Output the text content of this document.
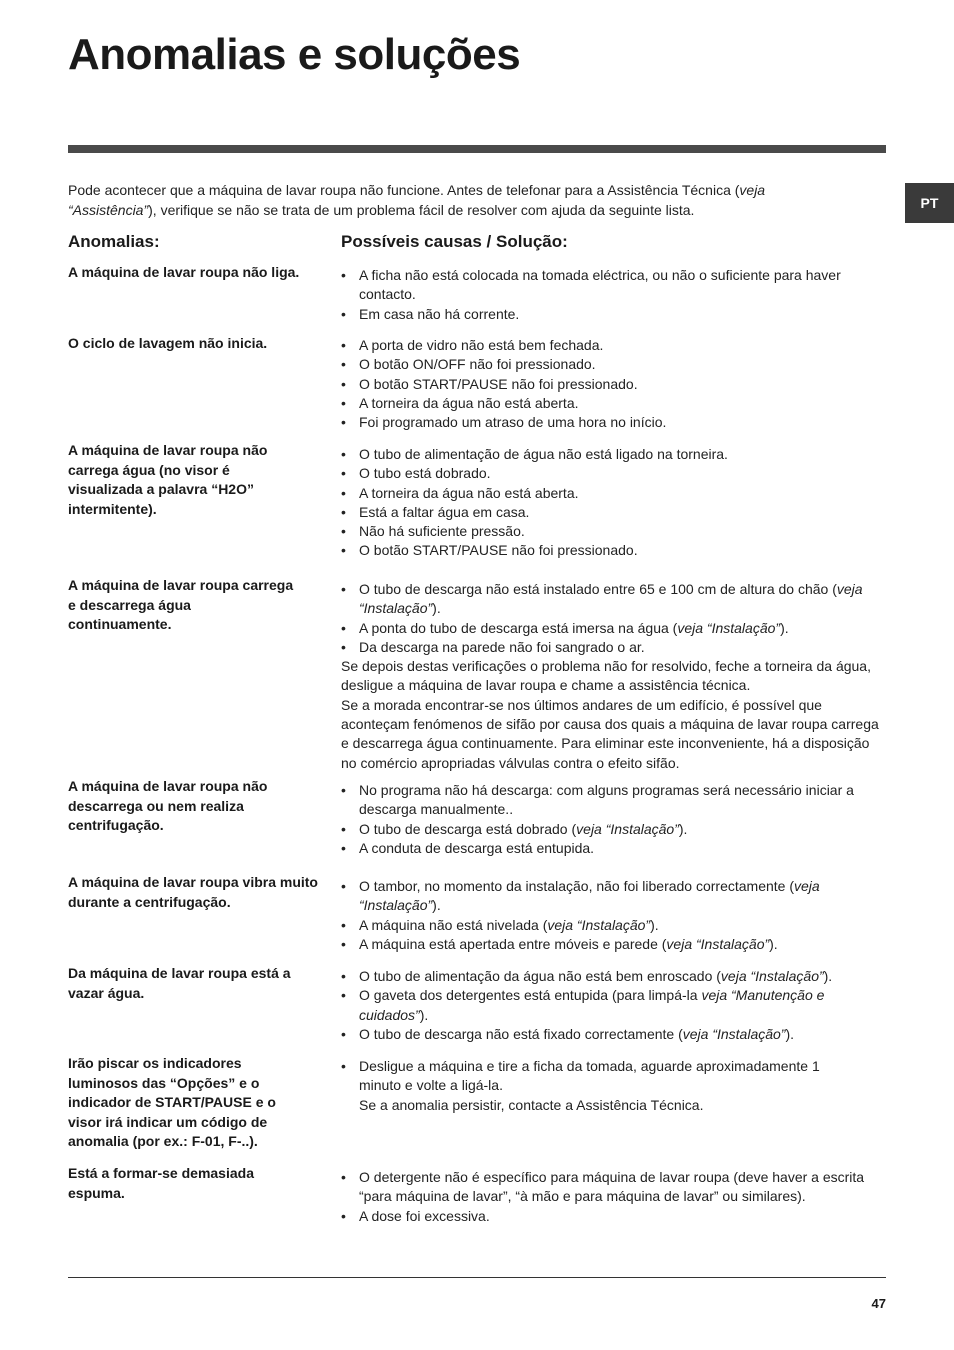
Anomalias e soluções
PT

Pode acontecer que a máquina de lavar roupa não funcione. Antes de telefonar para a Assistência Técnica (veja “Assistência”), verifique se não se trata de um problema fácil de resolver com ajuda da seguinte lista.

Anomalias:	Possíveis causas / Solução:
A máquina de lavar roupa não liga.	• A ficha não está colocada na tomada eléctrica, ou não o suficiente para haver contacto.
• Em casa não há corrente.
O ciclo de lavagem não inicia.	• A porta de vidro não está bem fechada.
• O botão ON/OFF não foi pressionado.
• O botão START/PAUSE não foi pressionado.
• A torneira da água não está aberta.
• Foi programado um atraso de uma hora no início.
A máquina de lavar roupa não carrega água (no visor é visualizada a palavra “H2O” intermitente).
• O tubo de alimentação de água não está ligado na torneira.
• O tubo está dobrado.
• A torneira da água não está aberta.
• Está a faltar água em casa.
• Não há suficiente pressão.
• O botão START/PAUSE não foi pressionado.
A máquina de lavar roupa carrega e descarrega água continuamente.
• O tubo de descarga não está instalado entre 65 e 100 cm de altura do chão (veja “Instalação”).
• A ponta do tubo de descarga está imersa na água (veja “Instalação”).
• Da descarga na parede não foi sangrado o ar.

Se depois destas verificações o problema não for resolvido, feche a torneira da água, desligue a máquina de lavar roupa e chame a assistência técnica.

Se a morada encontrar-se nos últimos andares de um edifício, é possível que aconteçam fenómenos de sifão por causa dos quais a máquina de lavar roupa carrega e descarrega água continuamente. Para eliminar este inconveniente, há a disposição no comércio apropriadas válvulas contra o efeito sifão.

A máquina de lavar roupa não descarrega ou nem realiza centrifugação.
• No programa não há descarga: com alguns programas será necessário iniciar a descarga manualmente..
• O tubo de descarga está dobrado (veja “Instalação”).
• A conduta de descarga está entupida.
A máquina de lavar roupa vibra muito durante a centrifugação.
• O tambor, no momento da instalação, não foi liberado correctamente (veja “Instalação”).
• A máquina não está nivelada (veja “Instalação”).
• A máquina está apertada entre móveis e parede (veja “Instalação”).
Da máquina de lavar roupa está a vazar água.
• O tubo de alimentação da água não está bem enroscado (veja “Instalação”).
• O gaveta dos detergentes está entupida (para limpá-la veja “Manutenção e cuidados”).
• O tubo de descarga não está fixado correctamente (veja “Instalação”).
Irão piscar os indicadores luminosos das “Opções” e o indicador de START/PAUSE e o visor irá indicar um código de anomalia (por ex.: F-01, F-..).
• Desligue a máquina e tire a ficha da tomada, aguarde aproximadamente 1 minuto e volte a ligá-la.
Se a anomalia persistir, contacte a Assistência Técnica.
Está a formar-se demasiada espuma.
• O detergente não é específico para máquina de lavar roupa (deve haver a escrita “para máquina de lavar”, “à mão e para máquina de lavar” ou similares).
• A dose foi excessiva.
47
